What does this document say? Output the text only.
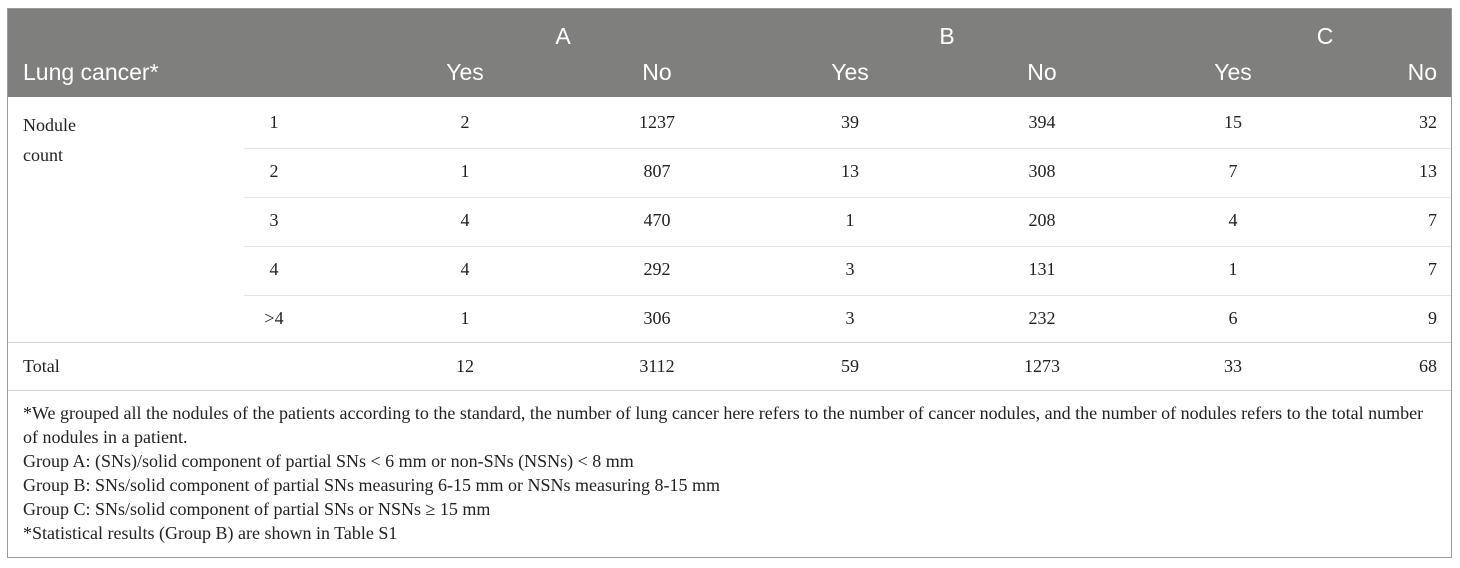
A	B	C
Lung cancer*	Yes	No	Yes	No	Yes	No
Nodule count
1	2	1237	39	394	15	32
2	1	807	13	308	7	13
3	4	470	1	208	4	7
4	4	292	3	131	1	7
>4	1	306	3	232	6	9
Total	12	3112	59	1273	33	68
*We grouped all the nodules of the patients according to the standard, the number of lung cancer here refers to the number of cancer nodules, and the number of nodules refers to the total number of nodules in a patient.
Group A: (SNs)/solid component of partial SNs < 6 mm or non-SNs (NSNs) < 8 mm
Group B: SNs/solid component of partial SNs measuring 6-15 mm or NSNs measuring 8-15 mm
Group C: SNs/solid component of partial SNs or NSNs ≥ 15 mm
*Statistical results (Group B) are shown in Table S1
